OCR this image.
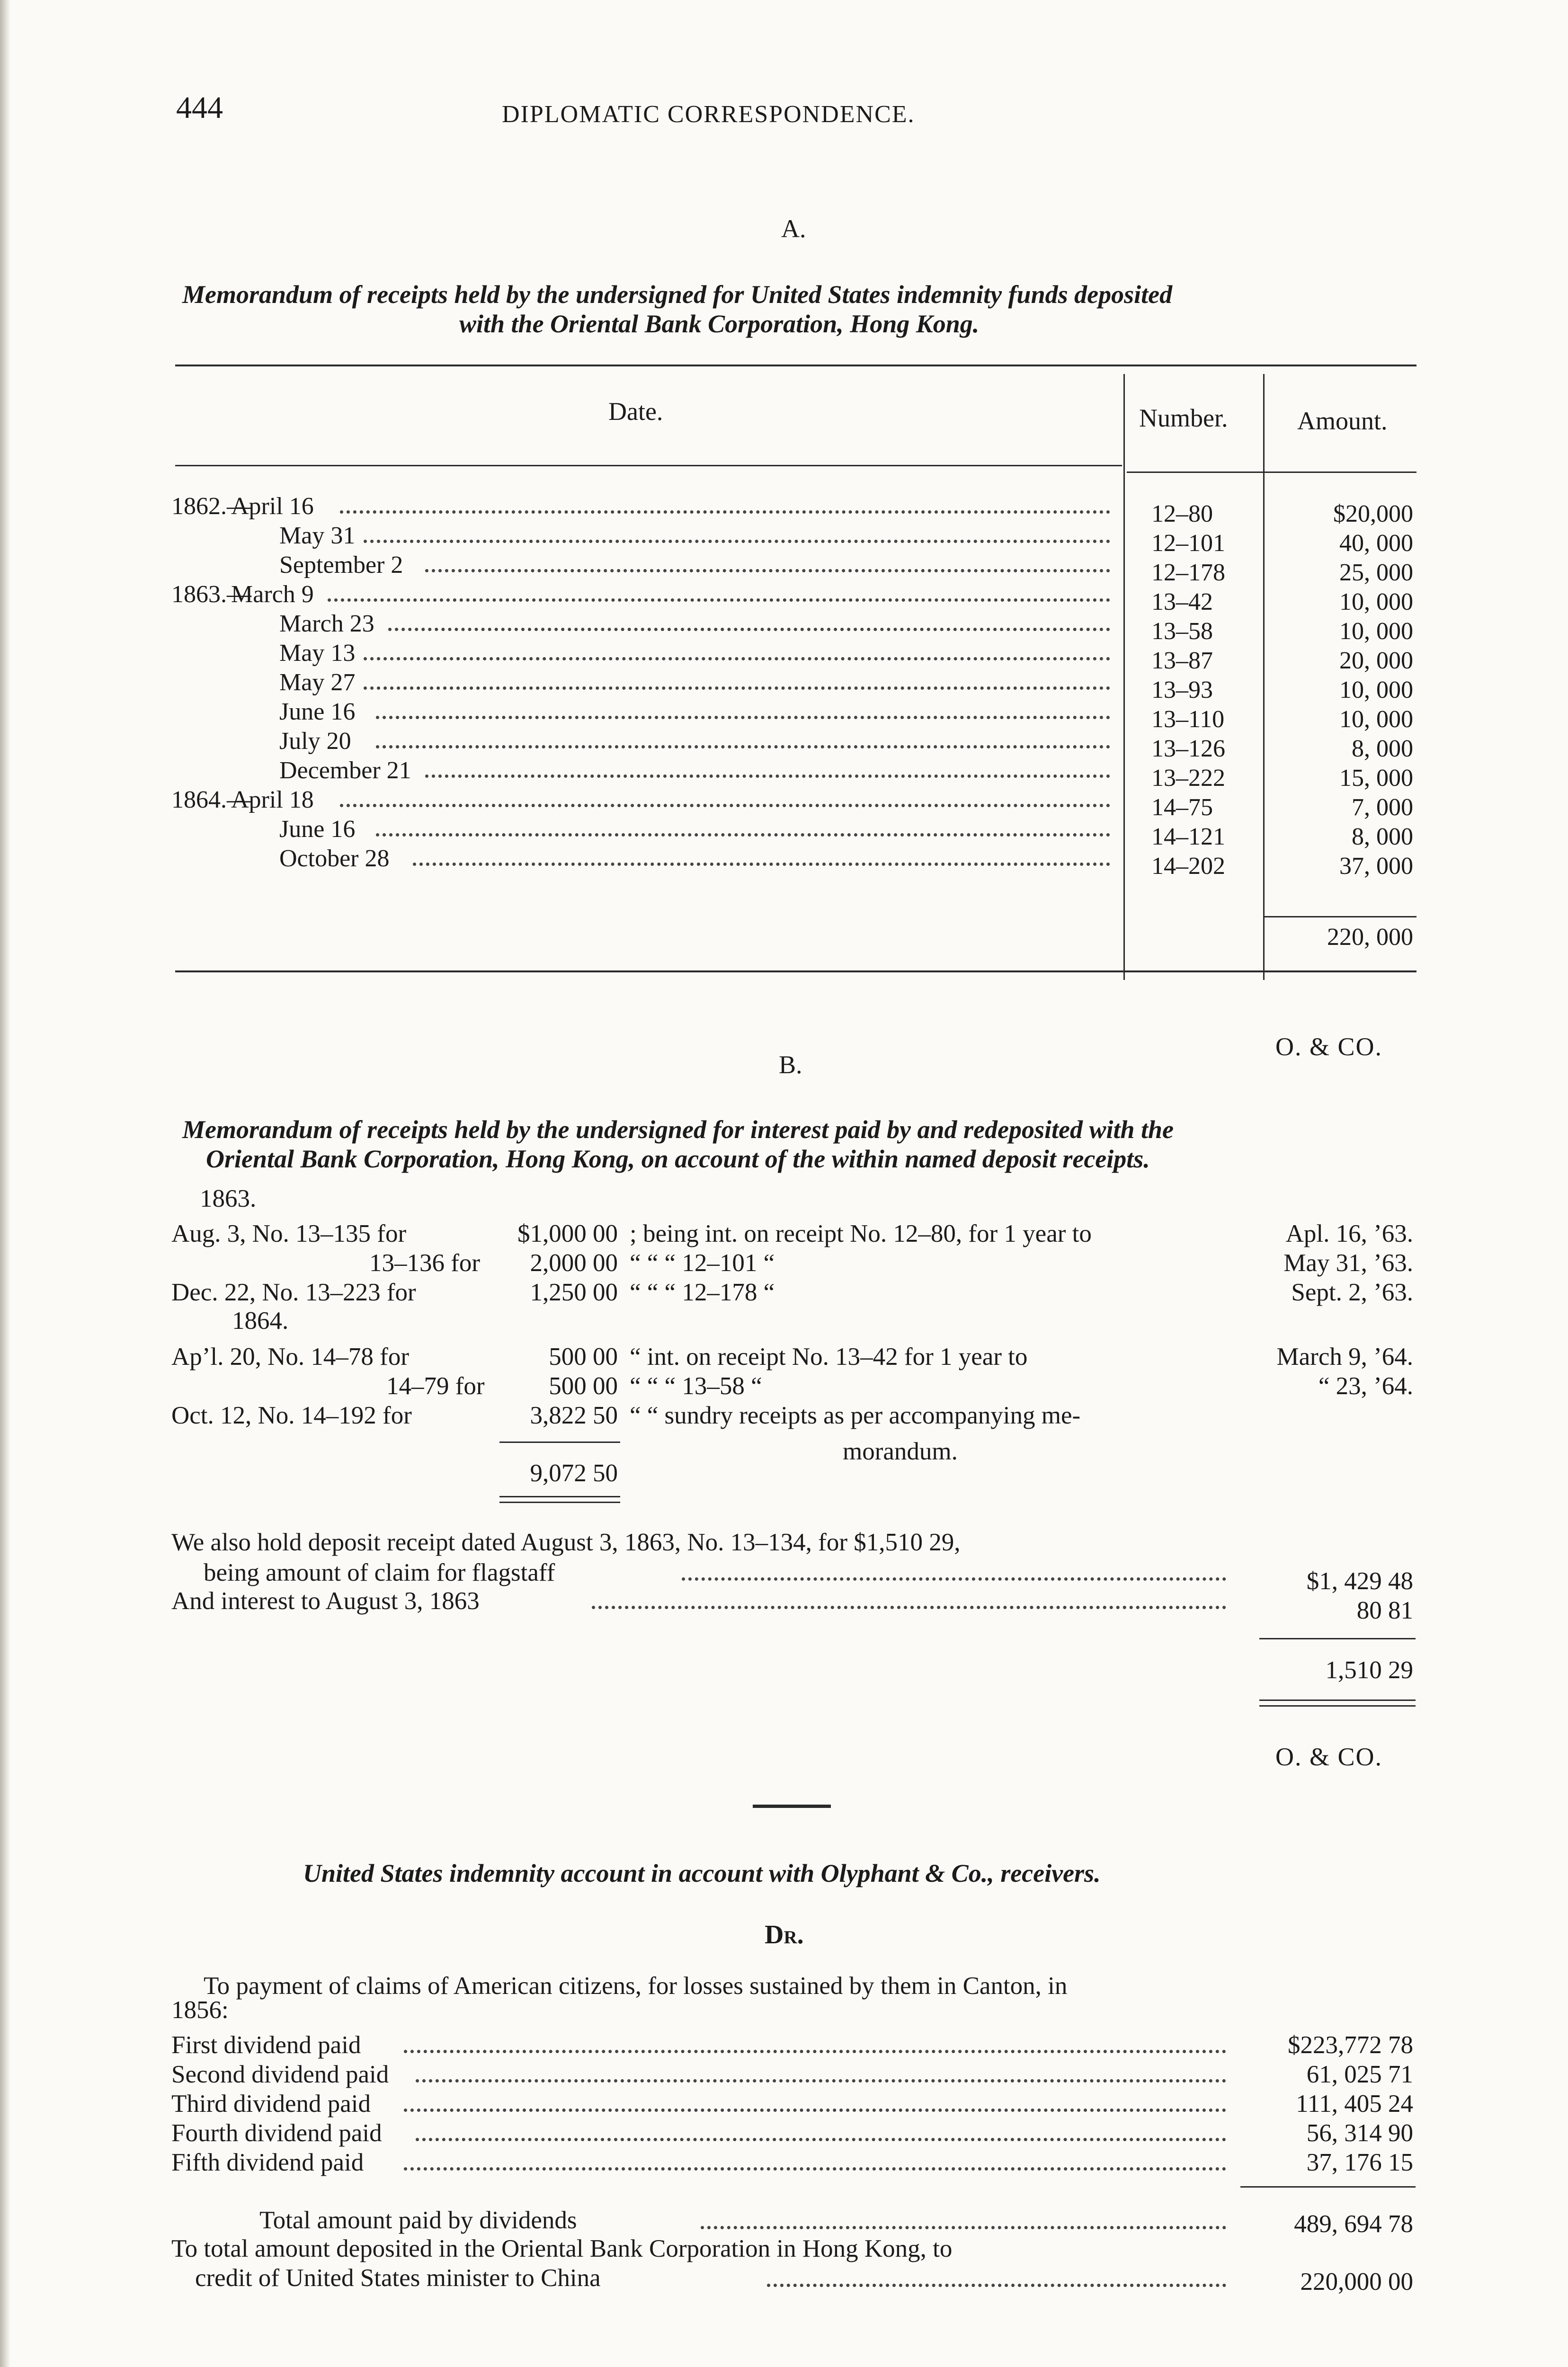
444	DIPLOMATIC CORRESPONDENCE.
A.
Memorandum of receipts held by the undersigned for United States indemnity funds deposited
with the Oriental Bank Corporation, Hong Kong.
Date.	Number.	Amount.
1862.—
April 16	12–80	$20,000
May 31	12–101	40, 000
September 2	12–178	25, 000
1863.—
March 9	13–42	10, 000
March 23	13–58	10, 000
May 13	13–87	20, 000
May 27	13–93	10, 000
June 16	13–110	10, 000
July 20	13–126	8, 000
December 21	13–222	15, 000
1864.—
April 18	14–75	7, 000
June 16	14–121	8, 000
October 28	14–202	37, 000
220, 000
O. & CO.
B.
Memorandum of receipts held by the undersigned for interest paid by and redeposited with the
Oriental Bank Corporation, Hong Kong, on account of the within named deposit receipts.
1863.
Aug. 3, No. 13–135 for	$1,000 00 ; being int. on receipt No. 12–80, for 1 year to	Apl. 16, ’63.
13–136 for	2,000 00 “ “ “ 12–101 “	May 31, ’63.
Dec. 22, No. 13–223 for	1,250 00 “ “ “ 12–178 “	Sept. 2, ’63.
Ap’l. 20, No. 14–78 for	500 00 “ int. on receipt No. 13–42 for 1 year to	March 9, ’64.
14–79 for	500 00 “ “ “ 13–58 “	“ 23, ’64.
Oct. 12, No. 14–192 for	3,822 50 “ “ sundry receipts as per accompanying me-
1864.
morandum.
9,072 50
We also hold deposit receipt dated August 3, 1863, No. 13–134, for $1,510 29,
being amount of claim for flagstaff	$1, 429 48
And interest to August 3, 1863	80 81
1,510 29
O. & CO.
United States indemnity account in account with Olyphant & Co., receivers.
Dr.
To payment of claims of American citizens, for losses sustained by them in Canton, in
1856:
First dividend paid	$223,772 78
Second dividend paid	61, 025 71
Third dividend paid	111, 405 24
Fourth dividend paid	56, 314 90
Fifth dividend paid	37, 176 15
Total amount paid by dividends	489, 694 78
To total amount deposited in the Oriental Bank Corporation in Hong Kong, to
credit of United States minister to China	220,000 00
